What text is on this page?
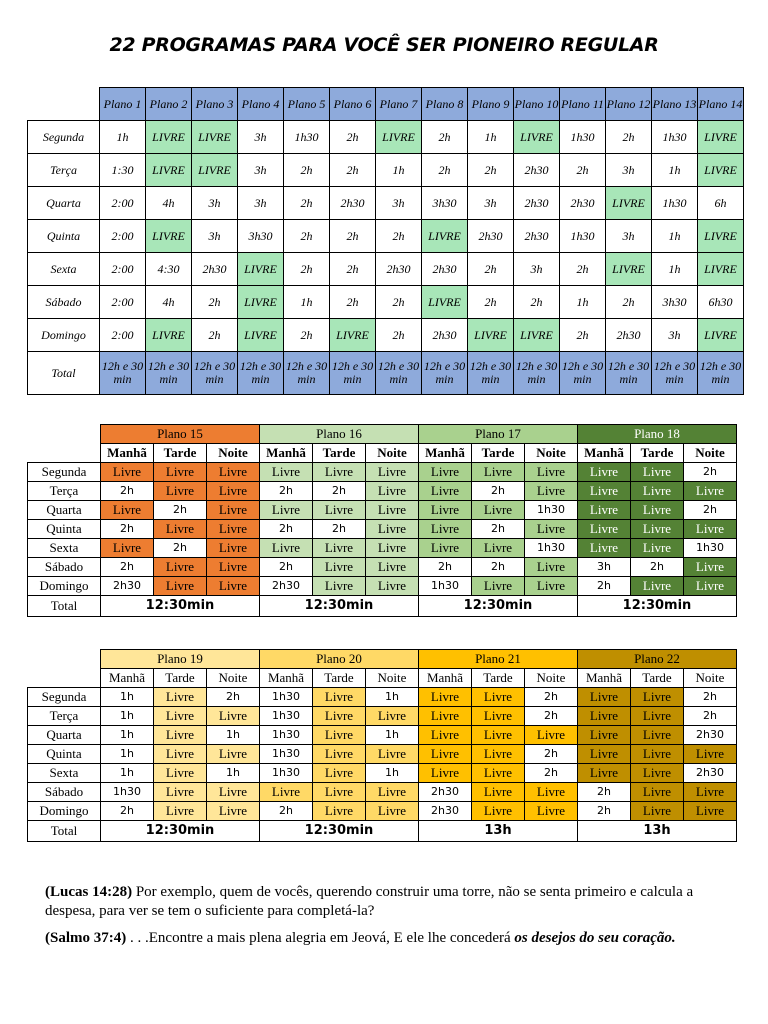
22 PROGRAMAS PARA VOCÊ SER PIONEIRO REGULAR
	Plano 1	Plano 2	Plano 3	Plano 4	Plano 5	Plano 6	Plano 7	Plano 8	Plano 9	Plano 10	Plano 11	Plano 12	Plano 13	Plano 14
Segunda	1h	LIVRE	LIVRE	3h	1h30	2h	LIVRE	2h	1h	LIVRE	1h30	2h	1h30	LIVRE
Terça	1:30	LIVRE	LIVRE	3h	2h	2h	1h	2h	2h	2h30	2h	3h	1h	LIVRE
Quarta	2:00	4h	3h	3h	2h	2h30	3h	3h30	3h	2h30	2h30	LIVRE	1h30	6h
Quinta	2:00	LIVRE	3h	3h30	2h	2h	2h	LIVRE	2h30	2h30	1h30	3h	1h	LIVRE
Sexta	2:00	4:30	2h30	LIVRE	2h	2h	2h30	2h30	2h	3h	2h	LIVRE	1h	LIVRE
Sábado	2:00	4h	2h	LIVRE	1h	2h	2h	LIVRE	2h	2h	1h	2h	3h30	6h30
Domingo	2:00	LIVRE	2h	LIVRE	2h	LIVRE	2h	2h30	LIVRE	LIVRE	2h	2h30	3h	LIVRE
Total	12h e 30 min	12h e 30 min	12h e 30 min	12h e 30 min	12h e 30 min	12h e 30 min	12h e 30 min	12h e 30 min	12h e 30 min	12h e 30 min	12h e 30 min	12h e 30 min	12h e 30 min	12h e 30 min
	Plano 15			Plano 16			Plano 17			Plano 18		
	Manhã	Tarde	Noite	Manhã	Tarde	Noite	Manhã	Tarde	Noite	Manhã	Tarde	Noite
Segunda	Livre	Livre	Livre	Livre	Livre	Livre	Livre	Livre	Livre	Livre	Livre	2h
Terça	2h	Livre	Livre	2h	2h	Livre	Livre	2h	Livre	Livre	Livre	Livre
Quarta	Livre	2h	Livre	Livre	Livre	Livre	Livre	Livre	1h30	Livre	Livre	2h
Quinta	2h	Livre	Livre	2h	2h	Livre	Livre	2h	Livre	Livre	Livre	Livre
Sexta	Livre	2h	Livre	Livre	Livre	Livre	Livre	Livre	1h30	Livre	Livre	1h30
Sábado	2h	Livre	Livre	2h	Livre	Livre	2h	2h	Livre	3h	2h	Livre
Domingo	2h30	Livre	Livre	2h30	Livre	Livre	1h30	Livre	Livre	2h	Livre	Livre
Total	12:30min			12:30min			12:30min			12:30min		
	Plano 19			Plano 20			Plano 21			Plano 22		
	Manhã	Tarde	Noite	Manhã	Tarde	Noite	Manhã	Tarde	Noite	Manhã	Tarde	Noite
Segunda	1h	Livre	2h	1h30	Livre	1h	Livre	Livre	2h	Livre	Livre	2h
Terça	1h	Livre	Livre	1h30	Livre	Livre	Livre	Livre	2h	Livre	Livre	2h
Quarta	1h	Livre	1h	1h30	Livre	1h	Livre	Livre	Livre	Livre	Livre	2h30
Quinta	1h	Livre	Livre	1h30	Livre	Livre	Livre	Livre	2h	Livre	Livre	Livre
Sexta	1h	Livre	1h	1h30	Livre	1h	Livre	Livre	2h	Livre	Livre	2h30
Sábado	1h30	Livre	Livre	Livre	Livre	Livre	2h30	Livre	Livre	2h	Livre	Livre
Domingo	2h	Livre	Livre	2h	Livre	Livre	2h30	Livre	Livre	2h	Livre	Livre
Total	12:30min			12:30min			13h			13h		
(Lucas 14:28) Por exemplo, quem de vocês, querendo construir uma torre, não se senta primeiro e calcula a despesa, para ver se tem o suficiente para completá-la?
(Salmo 37:4) . . .Encontre a mais plena alegria em Jeová, E ele lhe concederá os desejos do seu coração.
